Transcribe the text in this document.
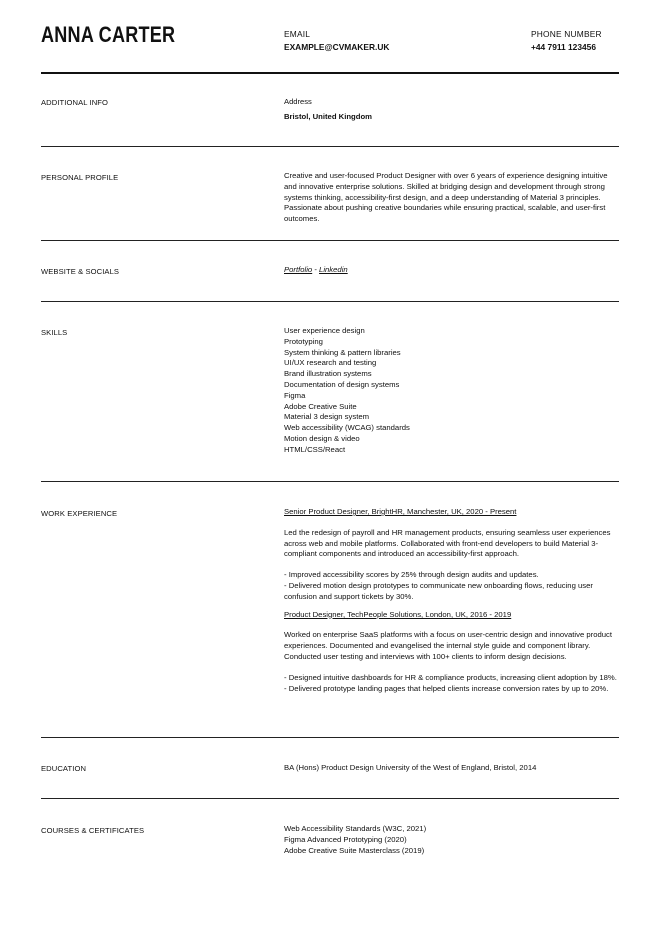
ANNA CARTER	EMAIL
EXAMPLE@CVMAKER.UK
PHONE NUMBER
+44 7911 123456
ADDITIONAL INFO	Address
Bristol, United Kingdom
PERSONAL PROFILE	Creative and user-focused Product Designer with over 6 years of experience designing intuitive and innovative enterprise solutions. Skilled at bridging design and development through strong systems thinking, accessibility-first design, and a deep understanding of Material 3 principles. Passionate about pushing creative boundaries while ensuring practical, scalable, and user-first outcomes.
WEBSITE & SOCIALS	Portfolio - Linkedin
SKILLS	User experience design
Prototyping
System thinking & pattern libraries
UI/UX research and testing
Brand illustration systems
Documentation of design systems
Figma
Adobe Creative Suite
Material 3 design system
Web accessibility (WCAG) standards
Motion design & video
HTML/CSS/React
WORK EXPERIENCE	Senior Product Designer, BrightHR, Manchester, UK, 2020 - Present

Led the redesign of payroll and HR management products, ensuring seamless user experiences across web and mobile platforms. Collaborated with front-end developers to build Material 3-compliant components and introduced an accessibility-first approach.

- Improved accessibility scores by 25% through design audits and updates.
- Delivered motion design prototypes to communicate new onboarding flows, reducing user confusion and support tickets by 30%.
Product Designer, TechPeople Solutions, London, UK, 2016 - 2019

Worked on enterprise SaaS platforms with a focus on user-centric design and innovative product experiences. Documented and evangelised the internal style guide and component library. Conducted user testing and interviews with 100+ clients to inform design decisions.

- Designed intuitive dashboards for HR & compliance products, increasing client adoption by 18%.
- Delivered prototype landing pages that helped clients increase conversion rates by up to 20%.
EDUCATION	BA (Hons) Product Design University of the West of England, Bristol, 2014
COURSES & CERTIFICATES	Web Accessibility Standards (W3C, 2021)
Figma Advanced Prototyping (2020)
Adobe Creative Suite Masterclass (2019)
